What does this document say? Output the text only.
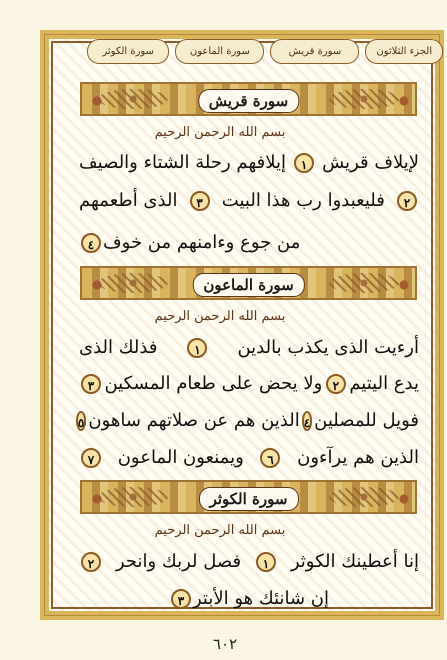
سورة الكوثر	سورة الماعون	سورة قريش	الجزء الثلاثون
سورة قريش
بسم الله الرحمن الرحيم
لإيلاف قريش
١
إيلافهم رحلة الشتاء والصيف
٢
فليعبدوا رب هذا البيت
٣
الذى أطعمهم
من جوع وءامنهم من خوف
٤
سورة الماعون
بسم الله الرحمن الرحيم
أرءيت الذى يكذب بالدين
١
فذلك الذى
يدع اليتيم
٢
ولا يحض على طعام المسكين
٣
فويل للمصلين
٤
الذين هم عن صلاتهم ساهون
٥
الذين هم يرآءون
٦
ويمنعون الماعون
٧
سورة الكوثر
بسم الله الرحمن الرحيم
إنا أعطينك الكوثر
١
فصل لربك وانحر
٢
إن شانئك هو الأبتر
٣
٦٠٢
